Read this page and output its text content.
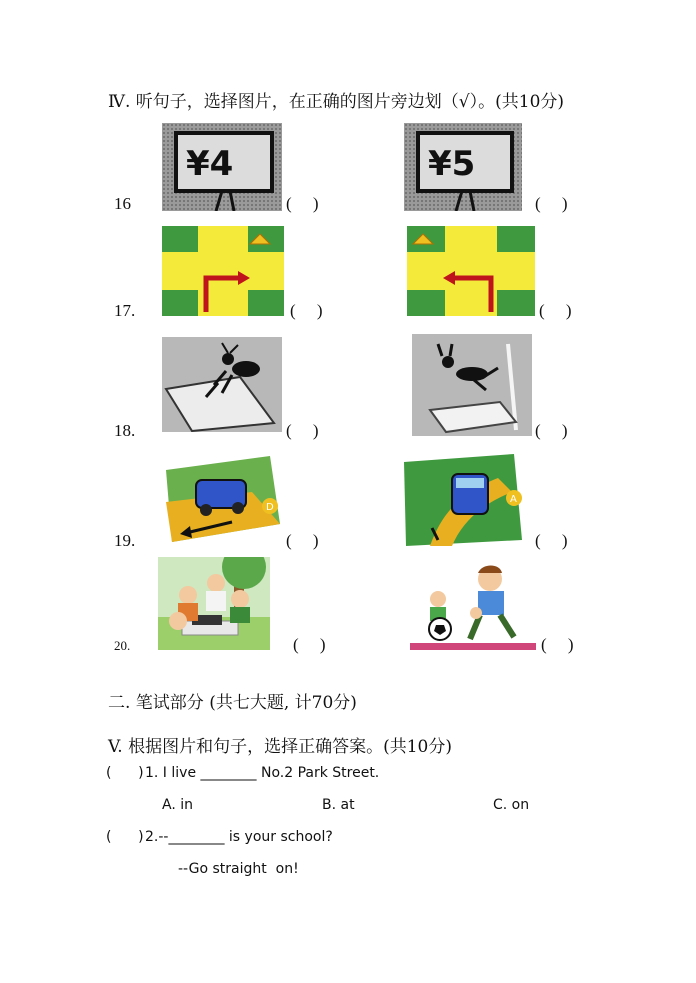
Ⅳ. 听句子，选择图片，在正确的图片旁边划（√）。(共10分)
16
¥4
(     )
¥5
(     )
17.	(     )	(     )
18.	(     )	(     )
19.
D
(     )
A
(     )
20.	(     )	(     )
二. 笔试部分 (共七大题, 计70分)
V. 根据图片和句子，选择正确答案。(共10分)
(      ) 1. I live ________ No.2 Park Street.
A. in	B. at	C. on
(      ) 2.--________ is your school?
--Go straight  on!
